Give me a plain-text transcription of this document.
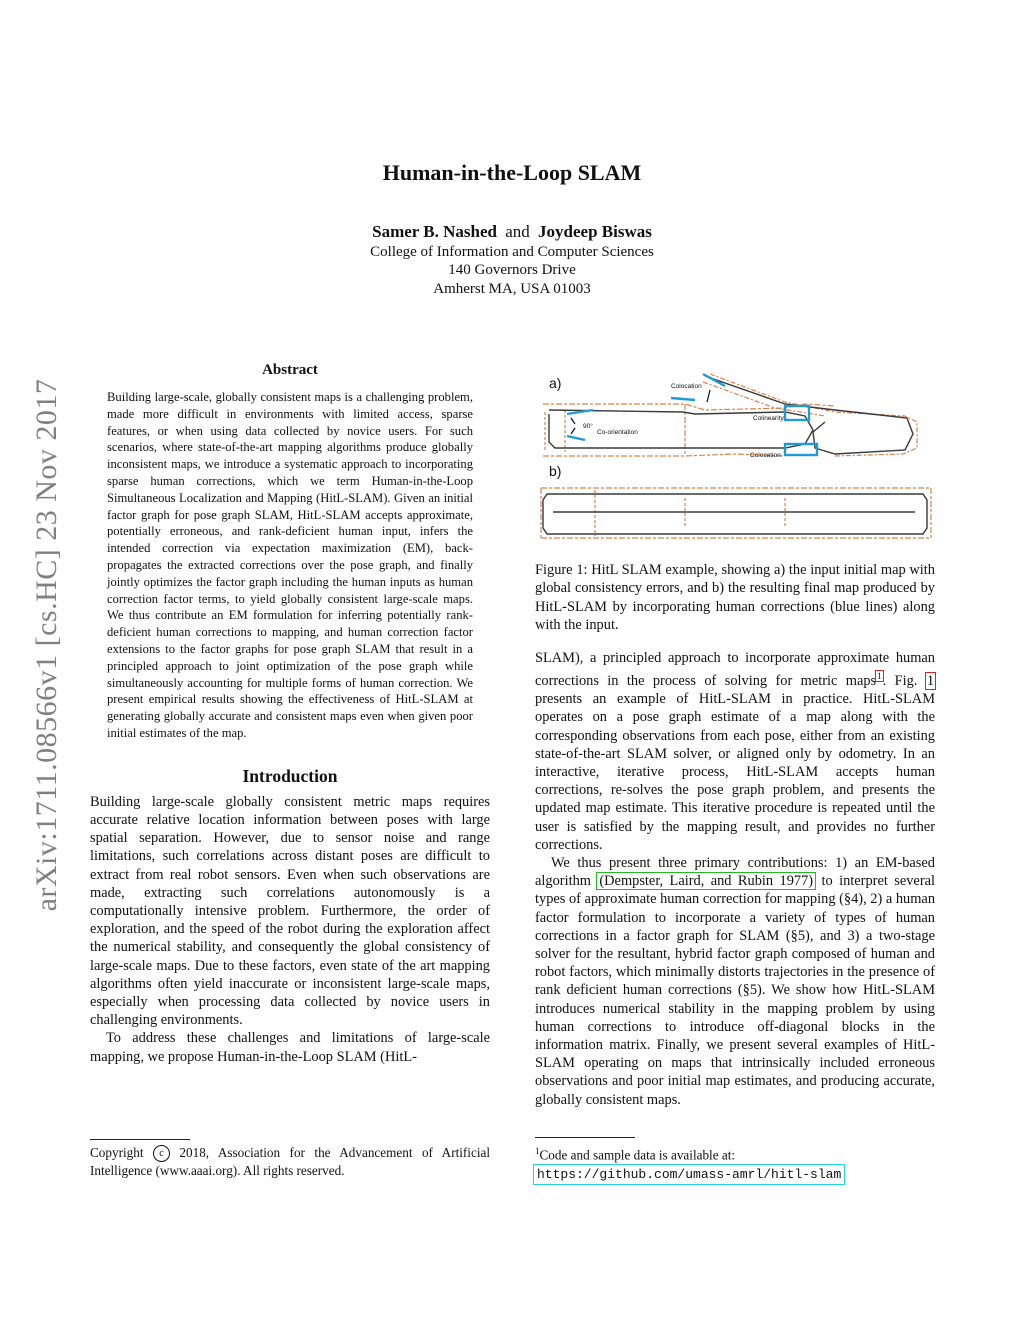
arXiv:1711.08566v1 [cs.HC] 23 Nov 2017
Human-in-the-Loop SLAM
Samer B. Nashed and Joydeep Biswas
College of Information and Computer Sciences
140 Governors Drive
Amherst MA, USA 01003
Abstract

Building large-scale, globally consistent maps is a challenging problem, made more difficult in environments with limited access, sparse features, or when using data collected by novice users. For such scenarios, where state-of-the-art mapping algorithms produce globally inconsistent maps, we introduce a systematic approach to incorporating sparse human corrections, which we term Human-in-the-Loop Simultaneous Localization and Mapping (HitL-SLAM). Given an initial factor graph for pose graph SLAM, HitL-SLAM accepts approximate, potentially erroneous, and rank-deficient human input, infers the intended correction via expectation maximization (EM), back-propagates the extracted corrections over the pose graph, and finally jointly optimizes the factor graph including the human inputs as human correction factor terms, to yield globally consistent large-scale maps. We thus contribute an EM formulation for inferring potentially rank-deficient human corrections to mapping, and human correction factor extensions to the factor graphs for pose graph SLAM that result in a principled approach to joint optimization of the pose graph while simultaneously accounting for multiple forms of human correction. We present empirical results showing the effectiveness of HitL-SLAM at generating globally accurate and consistent maps even when given poor initial estimates of the map.

Introduction

Building large-scale globally consistent metric maps requires accurate relative location information between poses with large spatial separation. However, due to sensor noise and range limitations, such correlations across distant poses are difficult to extract from real robot sensors. Even when such observations are made, extracting such correlations autonomously is a computationally intensive problem. Furthermore, the order of exploration, and the speed of the robot during the exploration affect the numerical stability, and consequently the global consistency of large-scale maps. Due to these factors, even state of the art mapping algorithms often yield inaccurate or inconsistent large-scale maps, especially when processing data collected by novice users in challenging environments.

To address these challenges and limitations of large-scale mapping, we propose Human-in-the-Loop SLAM (HitL-

Copyright c 2018, Association for the Advancement of Artificial Intelligence (www.aaai.org). All rights reserved.
a)	Colocation
Colinearity
90°
Co-orientation
Colocation
b)
Figure 1: HitL SLAM example, showing a) the input initial map with global consistency errors, and b) the resulting final map produced by HitL-SLAM by incorporating human corrections (blue lines) along with the input.

SLAM), a principled approach to incorporate approximate human corrections in the process of solving for metric maps$^1$. Fig. 1 presents an example of HitL-SLAM in practice. HitL-SLAM operates on a pose graph estimate of a map along with the corresponding observations from each pose, either from an existing state-of-the-art SLAM solver, or aligned only by odometry. In an interactive, iterative process, HitL-SLAM accepts human corrections, re-solves the pose graph problem, and presents the updated map estimate. This iterative procedure is repeated until the user is satisfied by the mapping result, and provides no further corrections.

We thus present three primary contributions: 1) an EM-based algorithm (Dempster, Laird, and Rubin 1977) to interpret several types of approximate human correction for mapping (§4), 2) a human factor formulation to incorporate a variety of types of human corrections in a factor graph for SLAM (§5), and 3) a two-stage solver for the resultant, hybrid factor graph composed of human and robot factors, which minimally distorts trajectories in the presence of rank deficient human corrections (§5). We show how HitL-SLAM introduces numerical stability in the mapping problem by using human corrections to introduce off-diagonal blocks in the information matrix. Finally, we present several examples of HitL-SLAM operating on maps that intrinsically included erroneous observations and poor initial map estimates, and producing accurate, globally consistent maps.

$^1$Code and sample data is available at:
https://github.com/umass-amrl/hitl-slam
